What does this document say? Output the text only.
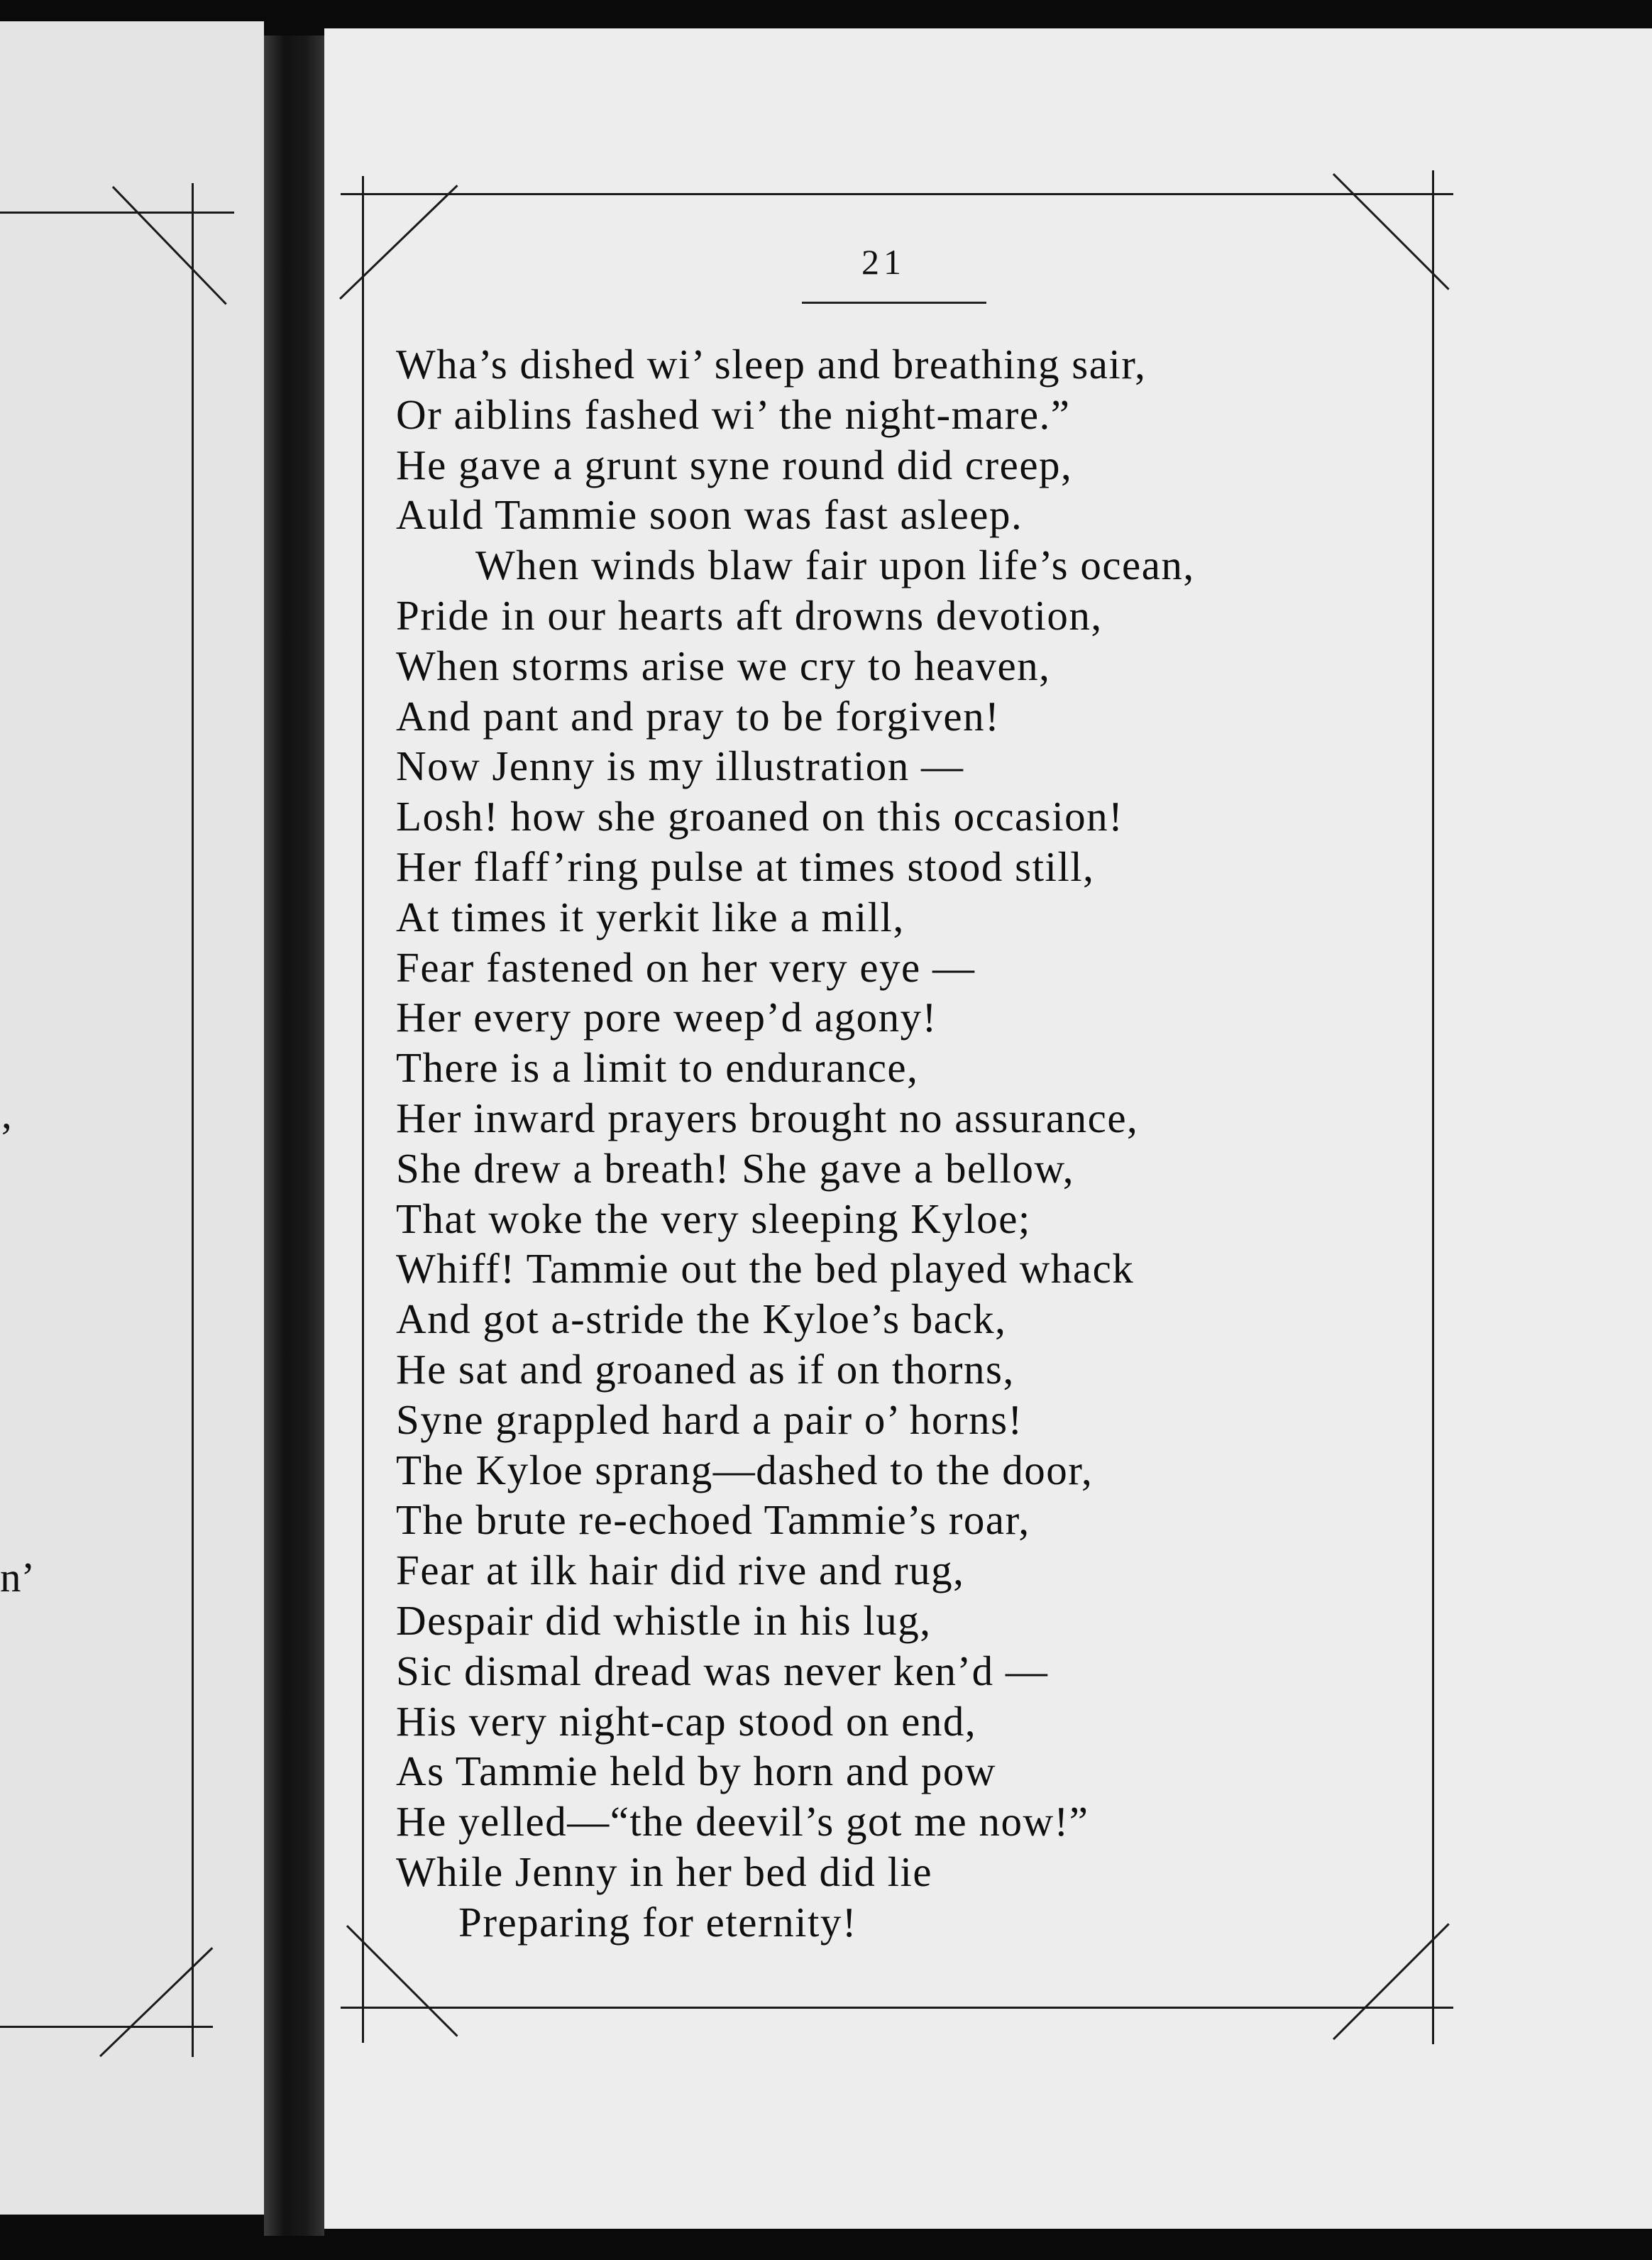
,
n’
21
Wha’s dished wi’ sleep and breathing sair,
Or aiblins fashed wi’ the night-mare.”
He gave a grunt syne round did creep,
Auld Tammie soon was fast asleep.
When winds blaw fair upon life’s ocean,
Pride in our hearts aft drowns devotion,
When storms arise we cry to heaven,
And pant and pray to be forgiven!
Now Jenny is my illustration —
Losh! how she groaned on this occasion!
Her flaff’ring pulse at times stood still,
At times it yerkit like a mill,
Fear fastened on her very eye —
Her every pore weep’d agony!
There is a limit to endurance,
Her inward prayers brought no assurance,
She drew a breath! She gave a bellow,
That woke the very sleeping Kyloe;
Whiff! Tammie out the bed played whack
And got a-stride the Kyloe’s back,
He sat and groaned as if on thorns,
Syne grappled hard a pair o’ horns!
The Kyloe sprang—dashed to the door,
The brute re-echoed Tammie’s roar,
Fear at ilk hair did rive and rug,
Despair did whistle in his lug,
Sic dismal dread was never ken’d —
His very night-cap stood on end,
As Tammie held by horn and pow
He yelled—“the deevil’s got me now!”
While Jenny in her bed did lie
Preparing for eternity!
